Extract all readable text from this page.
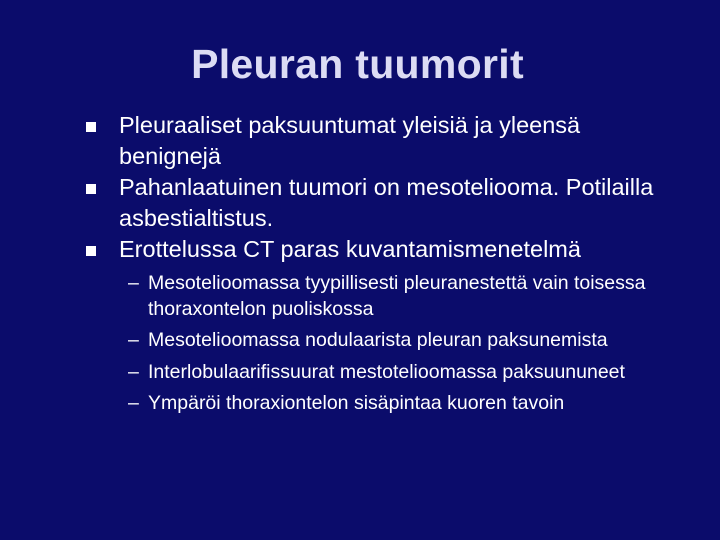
Pleuran tuumorit
Pleuraaliset paksuuntumat yleisiä ja yleensä benignejä
Pahanlaatuinen tuumori on mesoteliooma. Potilailla asbestialtistus.
Erottelussa CT paras kuvantamismenetelmä
– Mesotelioomassa tyypillisesti pleuranestettä vain toisessa thoraxontelon puoliskossa
– Mesotelioomassa nodulaarista pleuran paksunemista
– Interlobulaarifissuurat mestotelioomassa paksuununeet
– Ympäröi thoraxiontelon sisäpintaa kuoren tavoin
